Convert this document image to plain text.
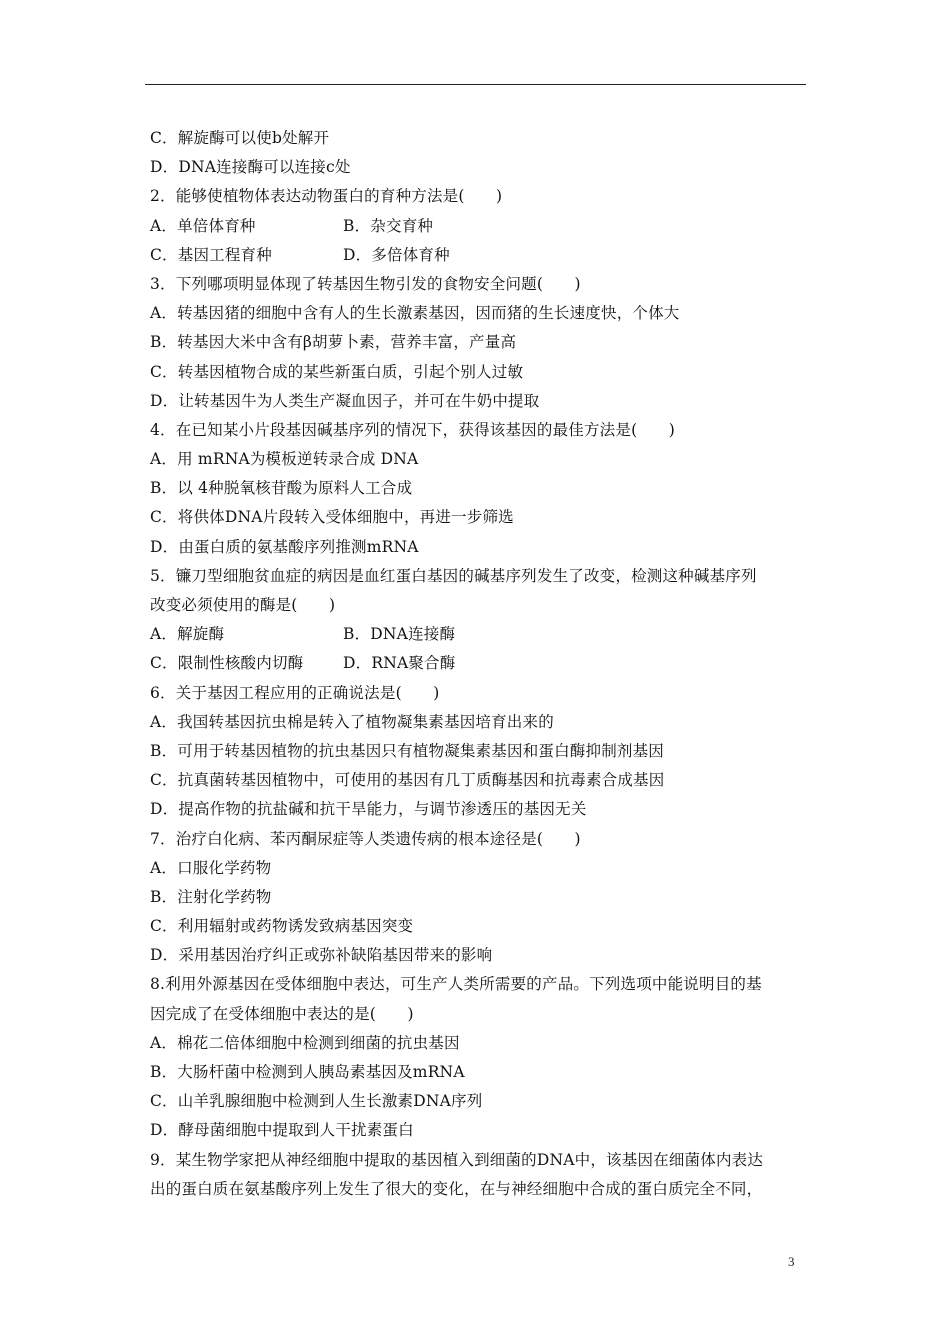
C．解旋酶可以使b处解开
D．DNA连接酶可以连接c处
2．能够使植物体表达动物蛋白的育种方法是(　　)
A．单倍体育种	B．杂交育种
C．基因工程育种	D．多倍体育种
3．下列哪项明显体现了转基因生物引发的食物安全问题(　　)
A．转基因猪的细胞中含有人的生长激素基因，因而猪的生长速度快，个体大
B．转基因大米中含有β胡萝卜素，营养丰富，产量高
C．转基因植物合成的某些新蛋白质，引起个别人过敏
D．让转基因牛为人类生产凝血因子，并可在牛奶中提取
4．在已知某小片段基因碱基序列的情况下，获得该基因的最佳方法是(　　)
A．用 mRNA为模板逆转录合成 DNA
B．以 4种脱氧核苷酸为原料人工合成
C．将供体DNA片段转入受体细胞中，再进一步筛选
D．由蛋白质的氨基酸序列推测mRNA
5．镰刀型细胞贫血症的病因是血红蛋白基因的碱基序列发生了改变，检测这种碱基序列
改变必须使用的酶是(　　)
A．解旋酶	B．DNA连接酶
C．限制性核酸内切酶	D．RNA聚合酶
6．关于基因工程应用的正确说法是(　　)
A．我国转基因抗虫棉是转入了植物凝集素基因培育出来的
B．可用于转基因植物的抗虫基因只有植物凝集素基因和蛋白酶抑制剂基因
C．抗真菌转基因植物中，可使用的基因有几丁质酶基因和抗毒素合成基因
D．提高作物的抗盐碱和抗干旱能力，与调节渗透压的基因无关
7．治疗白化病、苯丙酮尿症等人类遗传病的根本途径是(　　)
A．口服化学药物
B．注射化学药物
C．利用辐射或药物诱发致病基因突变
D．采用基因治疗纠正或弥补缺陷基因带来的影响
8.利用外源基因在受体细胞中表达，可生产人类所需要的产品。下列选项中能说明目的基
因完成了在受体细胞中表达的是(　　)
A．棉花二倍体细胞中检测到细菌的抗虫基因
B．大肠杆菌中检测到人胰岛素基因及mRNA
C．山羊乳腺细胞中检测到人生长激素DNA序列
D．酵母菌细胞中提取到人干扰素蛋白
9．某生物学家把从神经细胞中提取的基因植入到细菌的DNA中，该基因在细菌体内表达
出的蛋白质在氨基酸序列上发生了很大的变化，在与神经细胞中合成的蛋白质完全不同，
3
